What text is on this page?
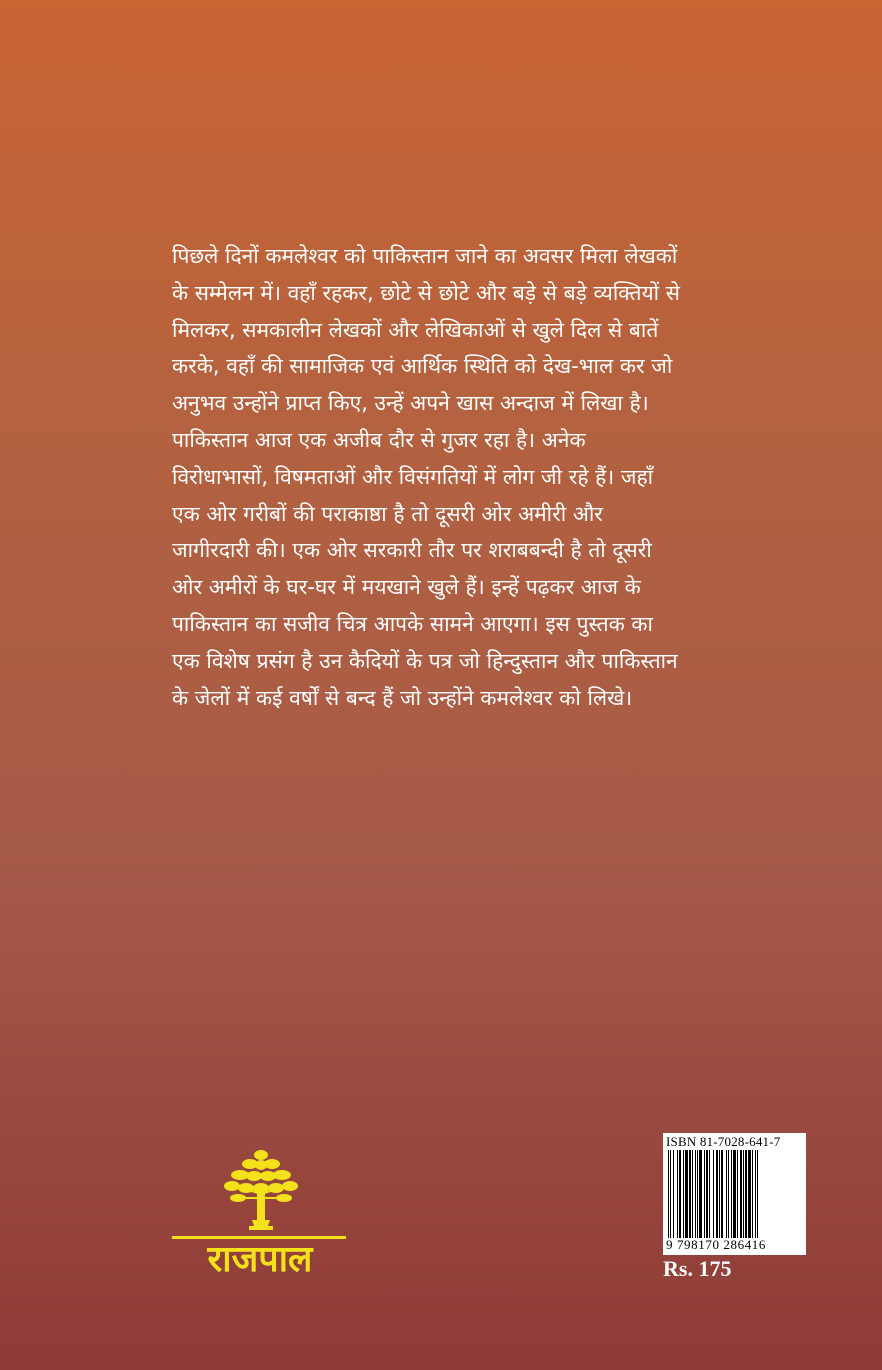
पिछले दिनों कमलेश्वर को पाकिस्तान जाने का अवसर मिला लेखकों
के सम्मेलन में। वहाँ रहकर, छोटे से छोटे और बड़े से बड़े व्यक्तियों से
मिलकर, समकालीन लेखकों और लेखिकाओं से खुले दिल से बातें
करके, वहाँ की सामाजिक एवं आर्थिक स्थिति को देख-भाल कर जो
अनुभव उन्होंने प्राप्त किए, उन्हें अपने खास अन्दाज में लिखा है।
पाकिस्तान आज एक अजीब दौर से गुजर रहा है। अनेक
विरोधाभासों, विषमताओं और विसंगतियों में लोग जी रहे हैं। जहाँ
एक ओर गरीबों की पराकाष्ठा है तो दूसरी ओर अमीरी और
जागीरदारी की। एक ओर सरकारी तौर पर शराबबन्दी है तो दूसरी
ओर अमीरों के घर-घर में मयखाने खुले हैं। इन्हें पढ़कर आज के
पाकिस्तान का सजीव चित्र आपके सामने आएगा। इस पुस्तक का
एक विशेष प्रसंग है उन कैदियों के पत्र जो हिन्दुस्तान और पाकिस्तान
के जेलों में कई वर्षों से बन्द हैं जो उन्होंने कमलेश्वर को लिखे।
राजपाल
ISBN 81-7028-641-7
9 798170 286416
Rs. 175
